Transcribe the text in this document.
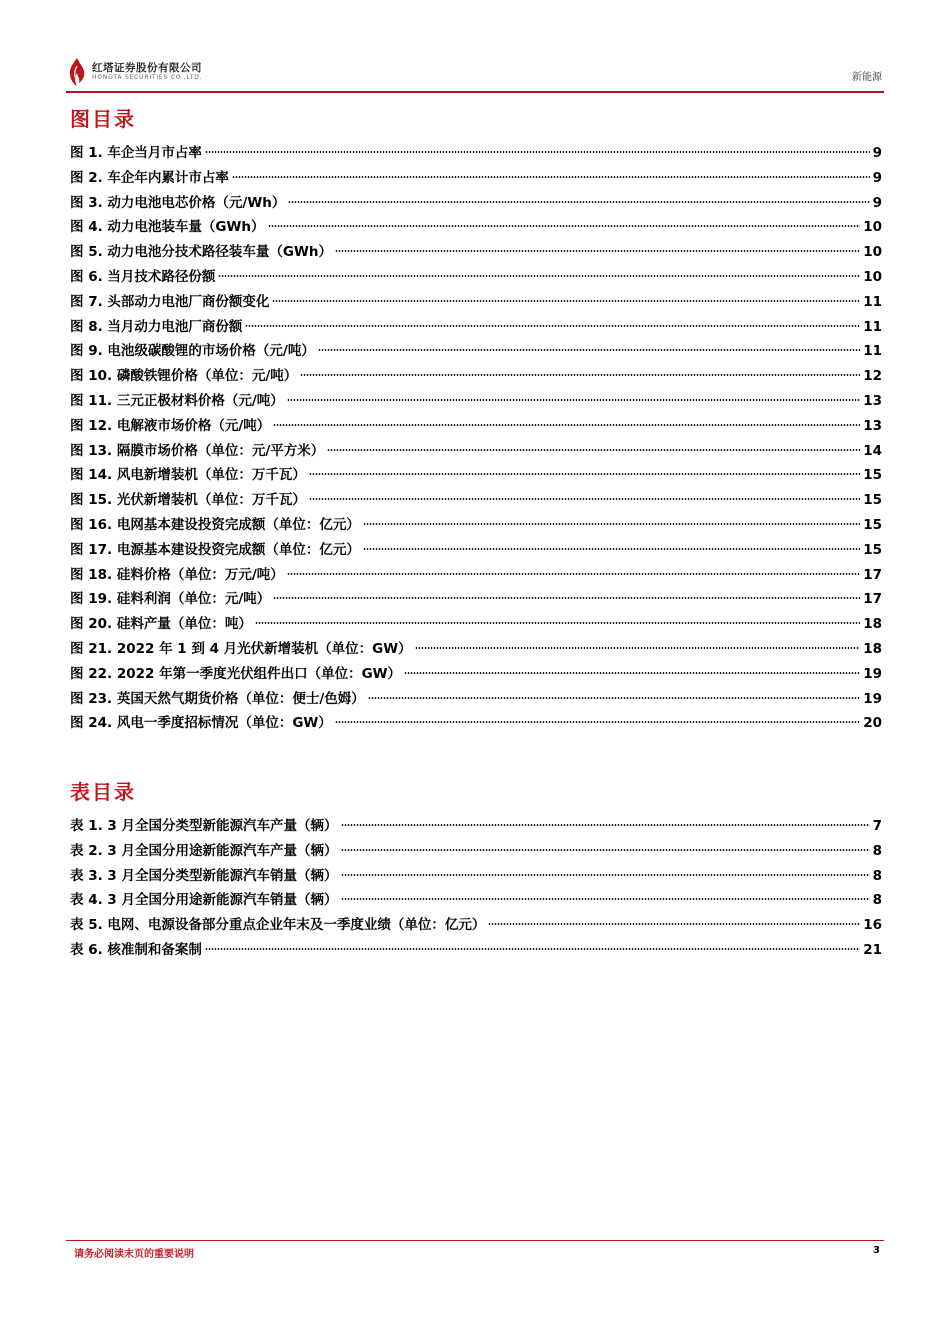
红塔证券股份有限公司
HONGTA SECURITIES CO.,LTD.	新能源
图目录
图 1. 车企当月市占率	9
图 2. 车企年内累计市占率	9
图 3. 动力电池电芯价格（元/Wh）	9
图 4. 动力电池装车量（GWh）	10
图 5. 动力电池分技术路径装车量（GWh）	10
图 6. 当月技术路径份额	10
图 7. 头部动力电池厂商份额变化	11
图 8. 当月动力电池厂商份额	11
图 9. 电池级碳酸锂的市场价格（元/吨）	11
图 10. 磷酸铁锂价格（单位：元/吨）	12
图 11. 三元正极材料价格（元/吨）	13
图 12. 电解液市场价格（元/吨）	13
图 13. 隔膜市场价格（单位：元/平方米）	14
图 14. 风电新增装机（单位：万千瓦）	15
图 15. 光伏新增装机（单位：万千瓦）	15
图 16. 电网基本建设投资完成额（单位：亿元）	15
图 17. 电源基本建设投资完成额（单位：亿元）	15
图 18. 硅料价格（单位：万元/吨）	17
图 19. 硅料利润（单位：元/吨）	17
图 20. 硅料产量（单位：吨）	18
图 21. 2022 年 1 到 4 月光伏新增装机（单位：GW）	18
图 22. 2022 年第一季度光伏组件出口（单位：GW）	19
图 23. 英国天然气期货价格（单位：便士/色姆）	19
图 24. 风电一季度招标情况（单位：GW）	20
表目录
表 1. 3 月全国分类型新能源汽车产量（辆）	7
表 2. 3 月全国分用途新能源汽车产量（辆）	8
表 3. 3 月全国分类型新能源汽车销量（辆）	8
表 4. 3 月全国分用途新能源汽车销量（辆）	8
表 5. 电网、电源设备部分重点企业年末及一季度业绩（单位：亿元）	16
表 6. 核准制和备案制	21
请务必阅读末页的重要说明	3
